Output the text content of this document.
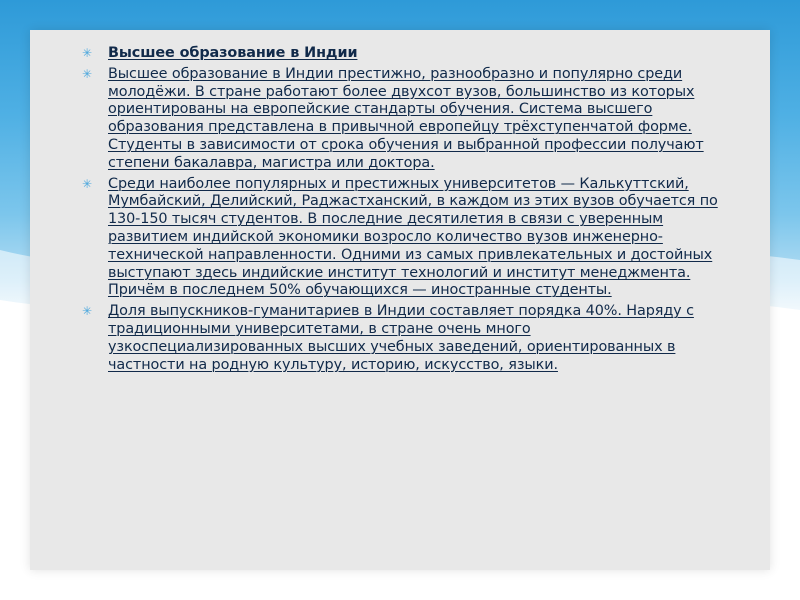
✳ Высшее образование в Индии
✳ Высшее образование в Индии престижно, разнообразно и популярно среди молодёжи. В стране работают более двухсот вузов, большинство из которых ориентированы на европейские стандарты обучения. Система высшего образования представлена в привычной европейцу трёхступенчатой форме. Студенты в зависимости от срока обучения и выбранной профессии получают степени бакалавра, магистра или доктора.
✳ Среди наиболее популярных и престижных университетов — Калькуттский, Мумбайский, Делийский, Раджастханский, в каждом из этих вузов обучается по 130-150 тысяч студентов. В последние десятилетия в связи с уверенным развитием индийской экономики возросло количество вузов инженерно-технической направленности. Одними из самых привлекательных и достойных выступают здесь индийские институт технологий и институт менеджмента. Причём в последнем 50% обучающихся — иностранные студенты.
✳ Доля выпускников-гуманитариев в Индии составляет порядка 40%. Наряду с традиционными университетами, в стране очень много узкоспециализированных высших учебных заведений, ориентированных в частности на родную культуру, историю, искусство, языки.
